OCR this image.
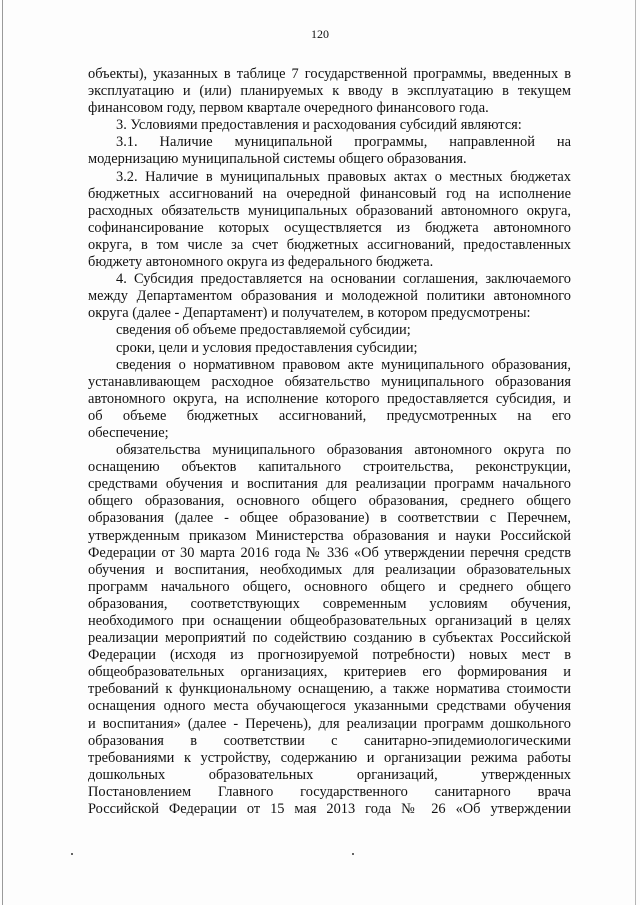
120
объекты), указанных в таблице 7 государственной программы, введенных в
эксплуатацию и (или) планируемых к вводу в эксплуатацию в текущем
финансовом году, первом квартале очередного финансового года.
3. Условиями предоставления и расходования субсидий являются:
3.1. Наличие муниципальной программы, направленной на
модернизацию муниципальной системы общего образования.
3.2. Наличие в муниципальных правовых актах о местных бюджетах
бюджетных ассигнований на очередной финансовый год на исполнение
расходных обязательств муниципальных образований автономного округа,
софинансирование которых осуществляется из бюджета автономного
округа, в том числе за счет бюджетных ассигнований, предоставленных
бюджету автономного округа из федерального бюджета.
4. Субсидия предоставляется на основании соглашения, заключаемого
между Департаментом образования и молодежной политики автономного
округа (далее - Департамент) и получателем, в котором предусмотрены:
сведения об объеме предоставляемой субсидии;
сроки, цели и условия предоставления субсидии;
сведения о нормативном правовом акте муниципального образования,
устанавливающем расходное обязательство муниципального образования
автономного округа, на исполнение которого предоставляется субсидия, и
об объеме бюджетных ассигнований, предусмотренных на его
обеспечение;
обязательства муниципального образования автономного округа по
оснащению объектов капитального строительства, реконструкции,
средствами обучения и воспитания для реализации программ начального
общего образования, основного общего образования, среднего общего
образования (далее - общее образование) в соответствии с Перечнем,
утвержденным приказом Министерства образования и науки Российской
Федерации от 30 марта 2016 года № 336 «Об утверждении перечня средств
обучения и воспитания, необходимых для реализации образовательных
программ начального общего, основного общего и среднего общего
образования, соответствующих современным условиям обучения,
необходимого при оснащении общеобразовательных организаций в целях
реализации мероприятий по содействию созданию в субъектах Российской
Федерации (исходя из прогнозируемой потребности) новых мест в
общеобразовательных организациях, критериев его формирования и
требований к функциональному оснащению, а также норматива стоимости
оснащения одного места обучающегося указанными средствами обучения
и воспитания» (далее - Перечень), для реализации программ дошкольного
образования в соответствии с санитарно-эпидемиологическими
требованиями к устройству, содержанию и организации режима работы
дошкольных образовательных организаций, утвержденных
Постановлением Главного государственного санитарного врача
Российской Федерации от 15 мая 2013 года № 26 «Об утверждении
